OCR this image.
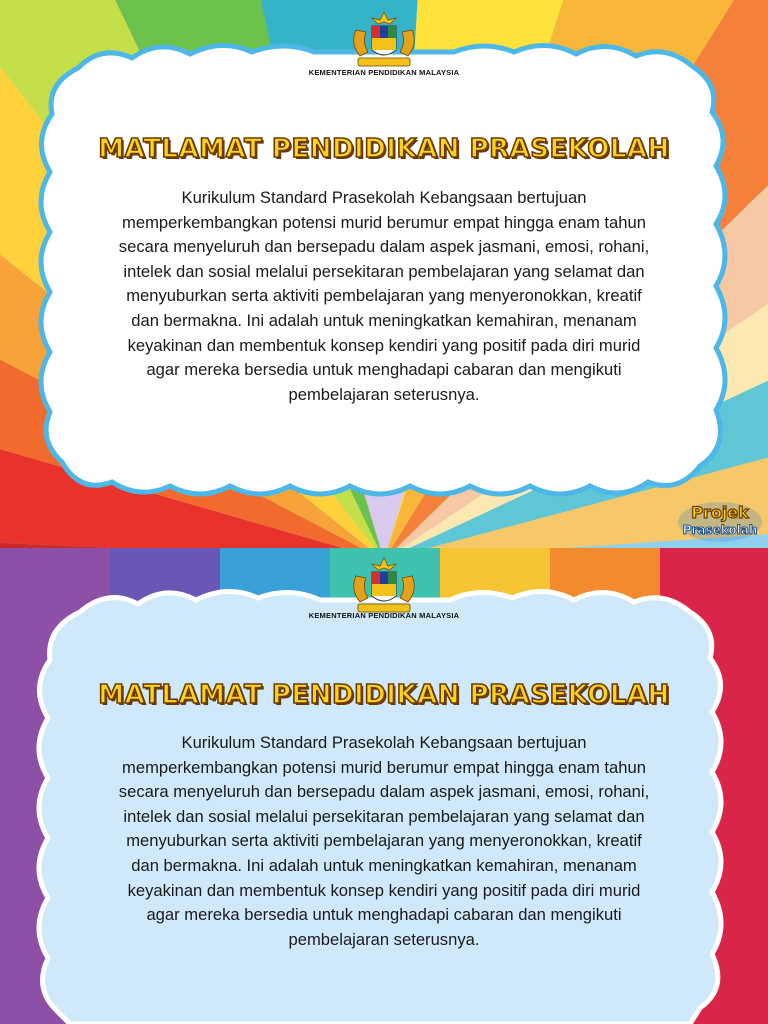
KEMENTERIAN PENDIDIKAN MALAYSIA
MATLAMAT PENDIDIKAN PRASEKOLAH
Kurikulum Standard Prasekolah Kebangsaan bertujuan
memperkembangkan potensi murid berumur empat hingga enam tahun
secara menyeluruh dan bersepadu dalam aspek jasmani, emosi, rohani,
intelek dan sosial melalui persekitaran pembelajaran yang selamat dan
menyuburkan serta aktiviti pembelajaran yang menyeronokkan, kreatif
dan bermakna. Ini adalah untuk meningkatkan kemahiran, menanam
keyakinan dan membentuk konsep kendiri yang positif pada diri murid
agar mereka bersedia untuk menghadapi cabaran dan mengikuti
pembelajaran seterusnya.
Projek
Prasekolah
KEMENTERIAN PENDIDIKAN MALAYSIA
MATLAMAT PENDIDIKAN PRASEKOLAH
Kurikulum Standard Prasekolah Kebangsaan bertujuan
memperkembangkan potensi murid berumur empat hingga enam tahun
secara menyeluruh dan bersepadu dalam aspek jasmani, emosi, rohani,
intelek dan sosial melalui persekitaran pembelajaran yang selamat dan
menyuburkan serta aktiviti pembelajaran yang menyeronokkan, kreatif
dan bermakna. Ini adalah untuk meningkatkan kemahiran, menanam
keyakinan dan membentuk konsep kendiri yang positif pada diri murid
agar mereka bersedia untuk menghadapi cabaran dan mengikuti
pembelajaran seterusnya.
